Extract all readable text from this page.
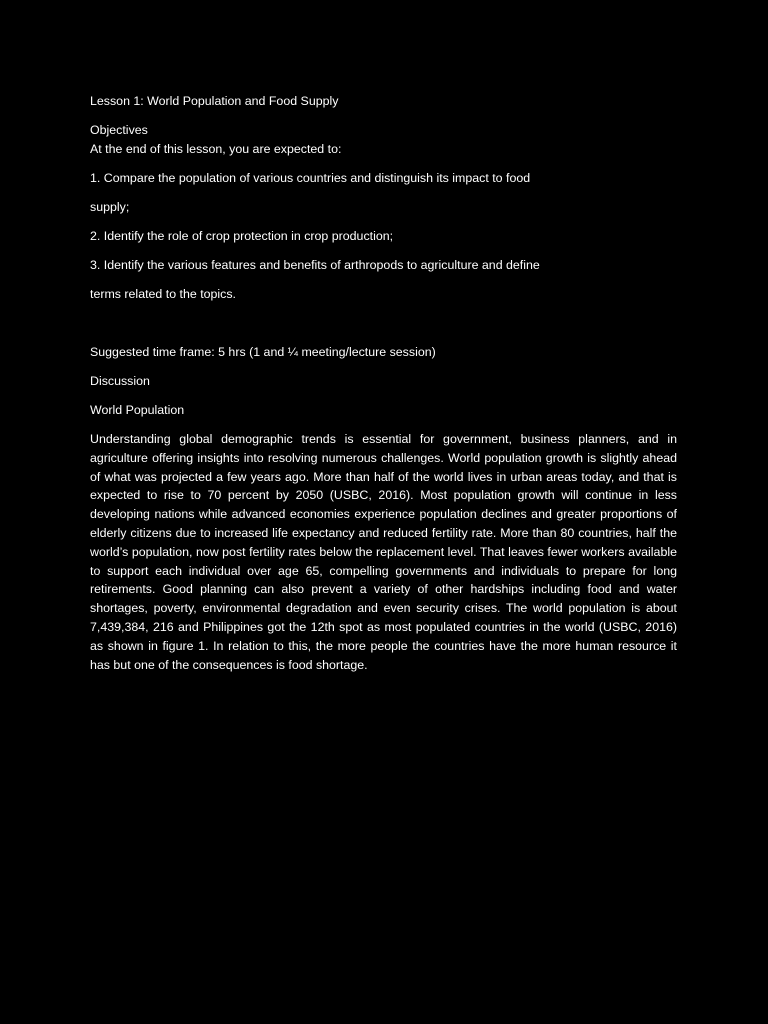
Lesson 1: World Population and Food Supply

Objectives

At the end of this lesson, you are expected to:

1. Compare the population of various countries and distinguish its impact to food

supply;

2. Identify the role of crop protection in crop production;

3. Identify the various features and benefits of arthropods to agriculture and define

terms related to the topics.

Suggested time frame: 5 hrs (1 and ¼ meeting/lecture session)

Discussion

World Population

Understanding global demographic trends is essential for government, business planners, and in agriculture offering insights into resolving numerous challenges. World population growth is slightly ahead of what was projected a few years ago. More than half of the world lives in urban areas today, and that is expected to rise to 70 percent by 2050 (USBC, 2016). Most population growth will continue in less developing nations while advanced economies experience population declines and greater proportions of elderly citizens due to increased life expectancy and reduced fertility rate. More than 80 countries, half the world’s population, now post fertility rates below the replacement level. That leaves fewer workers available to support each individual over age 65, compelling governments and individuals to prepare for long retirements. Good planning can also prevent a variety of other hardships including food and water shortages, poverty, environmental degradation and even security crises. The world population is about 7,439,384, 216 and Philippines got the 12th spot as most populated countries in the world (USBC, 2016) as shown in figure 1. In relation to this, the more people the countries have the more human resource it has but one of the consequences is food shortage.
